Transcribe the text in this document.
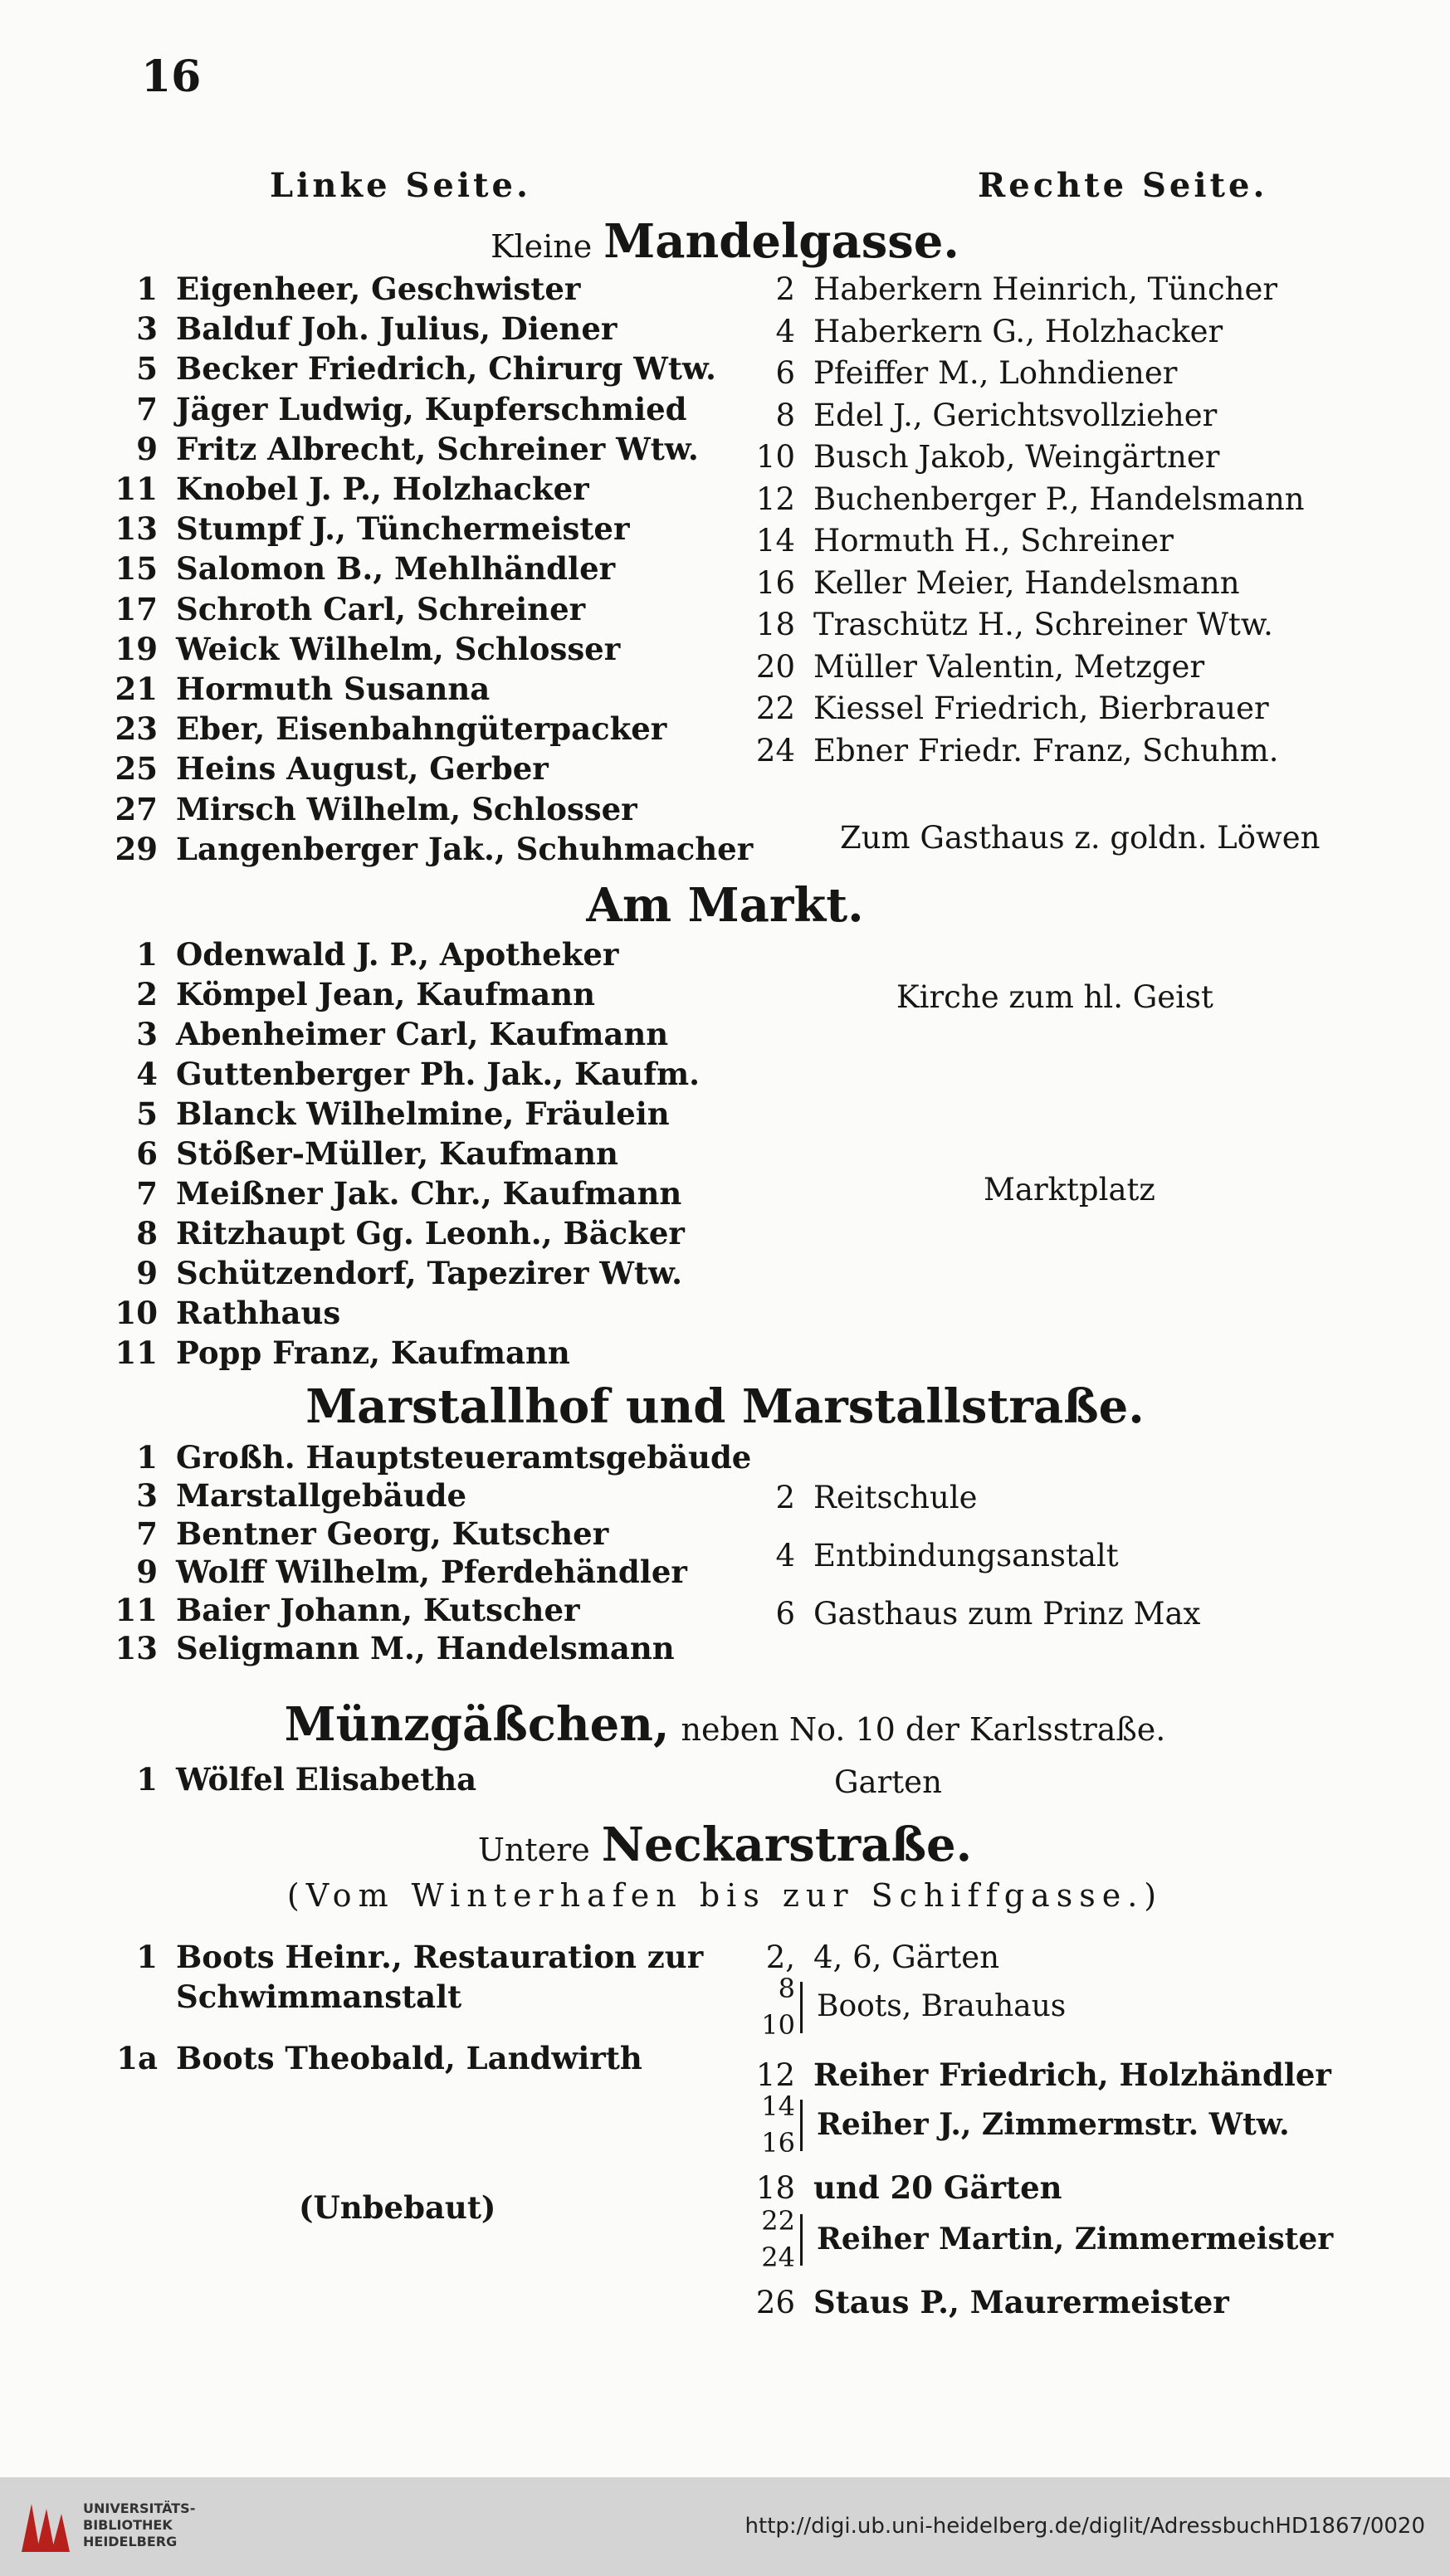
16
Linke Seite.	Rechte Seite.
Kleine Mandelgasse.
1 Eigenheer, Geschwister
3 Balduf Joh. Julius, Diener
5 Becker Friedrich, Chirurg Wtw.
7 Jäger Ludwig, Kupferschmied
9 Fritz Albrecht, Schreiner Wtw.
11 Knobel J. P., Holzhacker
13 Stumpf J., Tünchermeister
15 Salomon B., Mehlhändler
17 Schroth Carl, Schreiner
19 Weick Wilhelm, Schlosser
21 Hormuth Susanna
23 Eber, Eisenbahngüterpacker
25 Heins August, Gerber
27 Mirsch Wilhelm, Schlosser
29 Langenberger Jak., Schuhmacher
2 Haberkern Heinrich, Tüncher
4 Haberkern G., Holzhacker
6 Pfeiffer M., Lohndiener
8 Edel J., Gerichtsvollzieher
10 Busch Jakob, Weingärtner
12 Buchenberger P., Handelsmann
14 Hormuth H., Schreiner
16 Keller Meier, Handelsmann
18 Traschütz H., Schreiner Wtw.
20 Müller Valentin, Metzger
22 Kiessel Friedrich, Bierbrauer
24 Ebner Friedr. Franz, Schuhm.
Zum Gasthaus z. goldn. Löwen
Am Markt.
1 Odenwald J. P., Apotheker
2 Kömpel Jean, Kaufmann
3 Abenheimer Carl, Kaufmann
4 Guttenberger Ph. Jak., Kaufm.
5 Blanck Wilhelmine, Fräulein
6 Stößer-Müller, Kaufmann
7 Meißner Jak. Chr., Kaufmann
8 Ritzhaupt Gg. Leonh., Bäcker
9 Schützendorf, Tapezirer Wtw.
10 Rathhaus
11 Popp Franz, Kaufmann
Kirche zum hl. Geist
Marktplatz
Marstallhof und Marstallstraße.
1 Großh. Hauptsteueramtsgebäude
3 Marstallgebäude
7 Bentner Georg, Kutscher
9 Wolff Wilhelm, Pferdehändler
11 Baier Johann, Kutscher
13 Seligmann M., Handelsmann
2 Reitschule
4 Entbindungsanstalt
6 Gasthaus zum Prinz Max
Münzgäßchen, neben No. 10 der Karlsstraße.
1 Wölfel Elisabetha	Garten
Untere Neckarstraße.
(Vom Winterhafen bis zur Schiffgasse.)
1 Boots Heinr., Restauration zur
Schwimmanstalt
1a Boots Theobald, Landwirth
(Unbebaut)
2, 4, 6, Gärten
8
10
Boots, Brauhaus
12 Reiher Friedrich, Holzhändler
14
16
Reiher J., Zimmermstr. Wtw.
18 und 20 Gärten
22
24
Reiher Martin, Zimmermeister
26 Staus P., Maurermeister
UNIVERSITÄTS-
BIBLIOTHEK
HEIDELBERG
http://digi.ub.uni-heidelberg.de/diglit/AdressbuchHD1867/0020
